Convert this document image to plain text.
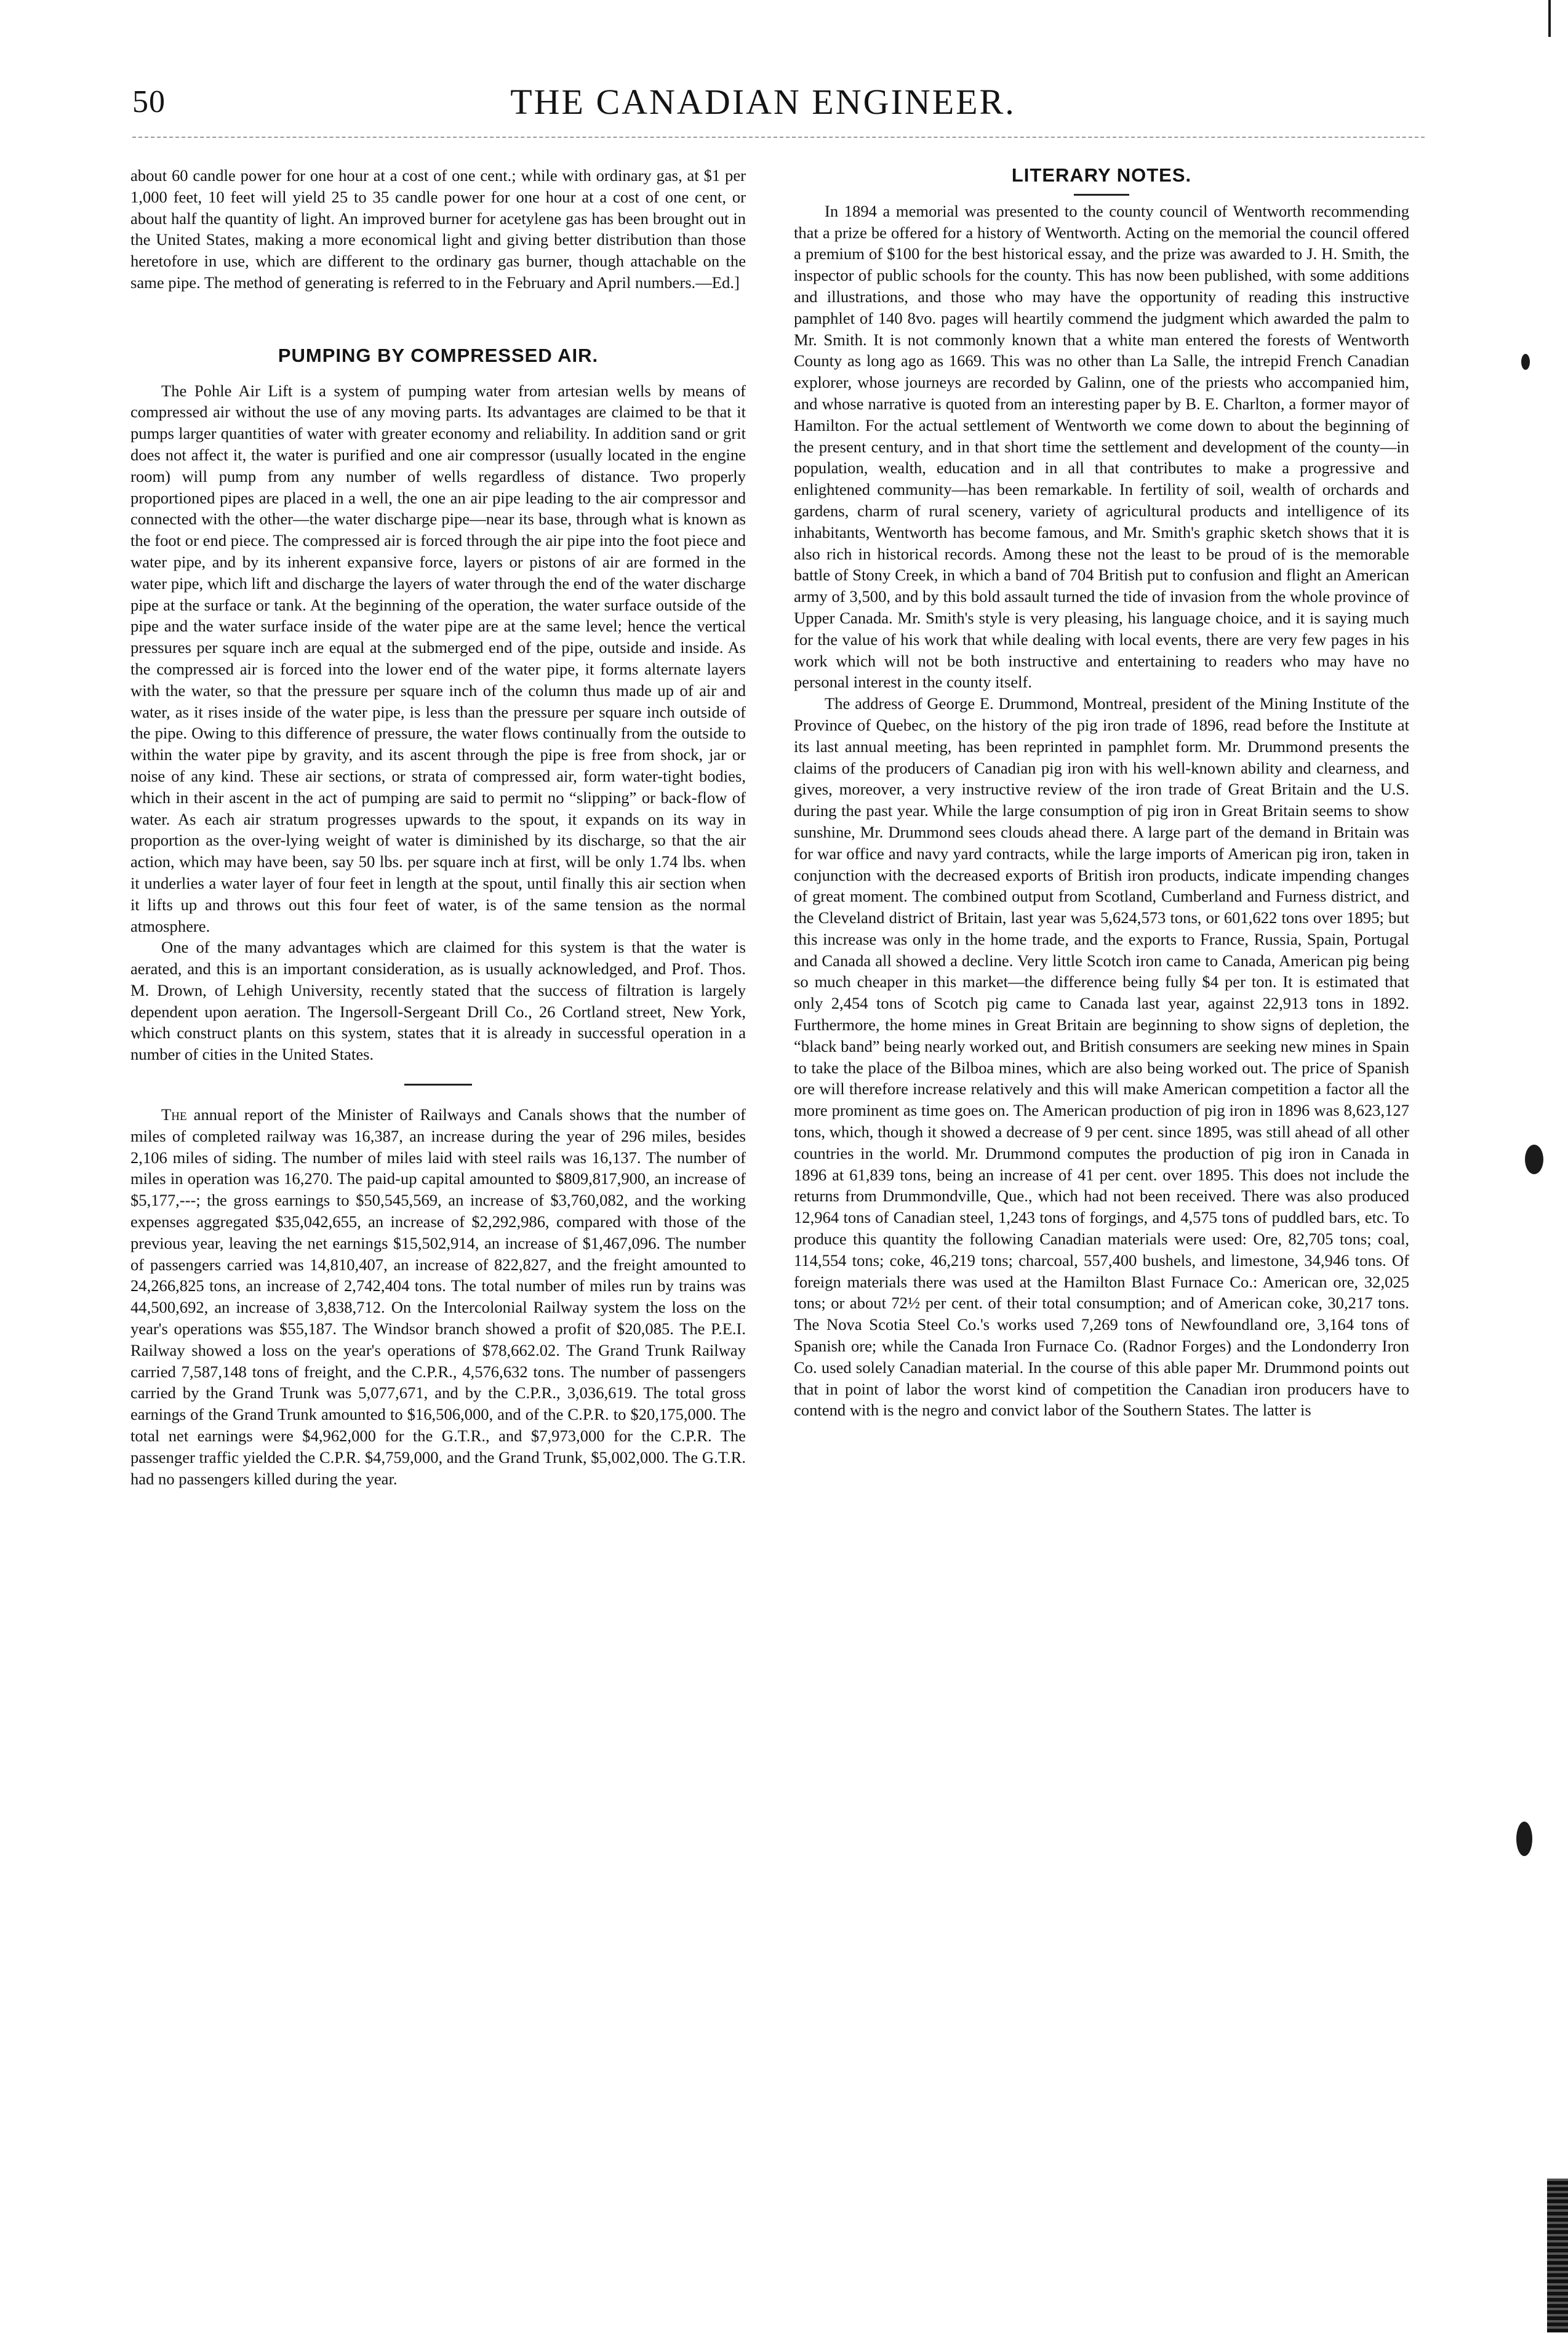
50	THE CANADIAN ENGINEER.

about 60 candle power for one hour at a cost of one cent.; while with ordinary gas, at $1 per 1,000 feet, 10 feet will yield 25 to 35 candle power for one hour at a cost of one cent, or about half the quantity of light. An improved burner for acetylene gas has been brought out in the United States, making a more economical light and giving better distribution than those heretofore in use, which are different to the ordinary gas burner, though attachable on the same pipe. The method of generating is referred to in the February and April numbers.—Ed.]

PUMPING BY COMPRESSED AIR.

The Pohle Air Lift is a system of pumping water from artesian wells by means of compressed air without the use of any moving parts. Its advantages are claimed to be that it pumps larger quantities of water with greater economy and reliability. In addition sand or grit does not affect it, the water is purified and one air compressor (usually located in the engine room) will pump from any number of wells regardless of distance. Two properly proportioned pipes are placed in a well, the one an air pipe leading to the air compressor and connected with the other—the water discharge pipe—near its base, through what is known as the foot or end piece. The compressed air is forced through the air pipe into the foot piece and water pipe, and by its inherent expansive force, layers or pistons of air are formed in the water pipe, which lift and discharge the layers of water through the end of the water discharge pipe at the surface or tank. At the beginning of the operation, the water surface outside of the pipe and the water surface inside of the water pipe are at the same level; hence the vertical pressures per square inch are equal at the submerged end of the pipe, outside and inside. As the compressed air is forced into the lower end of the water pipe, it forms alternate layers with the water, so that the pressure per square inch of the column thus made up of air and water, as it rises inside of the water pipe, is less than the pressure per square inch outside of the pipe. Owing to this difference of pressure, the water flows continually from the outside to within the water pipe by gravity, and its ascent through the pipe is free from shock, jar or noise of any kind. These air sections, or strata of compressed air, form water-tight bodies, which in their ascent in the act of pumping are said to permit no “slipping” or back-flow of water. As each air stratum progresses upwards to the spout, it expands on its way in proportion as the over-lying weight of water is diminished by its discharge, so that the air action, which may have been, say 50 lbs. per square inch at first, will be only 1.74 lbs. when it underlies a water layer of four feet in length at the spout, until finally this air section when it lifts up and throws out this four feet of water, is of the same tension as the normal atmosphere.

One of the many advantages which are claimed for this system is that the water is aerated, and this is an important consideration, as is usually acknowledged, and Prof. Thos. M. Drown, of Lehigh University, recently stated that the success of filtration is largely dependent upon aeration. The Ingersoll-Sergeant Drill Co., 26 Cortland street, New York, which construct plants on this system, states that it is already in successful operation in a number of cities in the United States.

The annual report of the Minister of Railways and Canals shows that the number of miles of completed railway was 16,387, an increase during the year of 296 miles, besides 2,106 miles of siding. The number of miles laid with steel rails was 16,137. The number of miles in operation was 16,270. The paid-up capital amounted to $809,817,900, an increase of $5,177,---; the gross earnings to $50,545,569, an increase of $3,760,082, and the working expenses aggregated $35,042,655, an increase of $2,292,986, compared with those of the previous year, leaving the net earnings $15,502,914, an increase of $1,467,096. The number of passengers carried was 14,810,407, an increase of 822,827, and the freight amounted to 24,266,825 tons, an increase of 2,742,404 tons. The total number of miles run by trains was 44,500,692, an increase of 3,838,712. On the Intercolonial Railway system the loss on the year's operations was $55,187. The Windsor branch showed a profit of $20,085. The P.E.I. Railway showed a loss on the year's operations of $78,662.02. The Grand Trunk Railway carried 7,587,148 tons of freight, and the C.P.R., 4,576,632 tons. The number of passengers carried by the Grand Trunk was 5,077,671, and by the C.P.R., 3,036,619. The total gross earnings of the Grand Trunk amounted to $16,506,000, and of the C.P.R. to $20,175,000. The total net earnings were $4,962,000 for the G.T.R., and $7,973,000 for the C.P.R. The passenger traffic yielded the C.P.R. $4,759,000, and the Grand Trunk, $5,002,000. The G.T.R. had no passengers killed during the year.

LITERARY NOTES.

In 1894 a memorial was presented to the county council of Wentworth recommending that a prize be offered for a history of Wentworth. Acting on the memorial the council offered a premium of $100 for the best historical essay, and the prize was awarded to J. H. Smith, the inspector of public schools for the county. This has now been published, with some additions and illustrations, and those who may have the opportunity of reading this instructive pamphlet of 140 8vo. pages will heartily commend the judgment which awarded the palm to Mr. Smith. It is not commonly known that a white man entered the forests of Wentworth County as long ago as 1669. This was no other than La Salle, the intrepid French Canadian explorer, whose journeys are recorded by Galinn, one of the priests who accompanied him, and whose narrative is quoted from an interesting paper by B. E. Charlton, a former mayor of Hamilton. For the actual settlement of Wentworth we come down to about the beginning of the present century, and in that short time the settlement and development of the county—in population, wealth, education and in all that contributes to make a progressive and enlightened community—has been remarkable. In fertility of soil, wealth of orchards and gardens, charm of rural scenery, variety of agricultural products and intelligence of its inhabitants, Wentworth has become famous, and Mr. Smith's graphic sketch shows that it is also rich in historical records. Among these not the least to be proud of is the memorable battle of Stony Creek, in which a band of 704 British put to confusion and flight an American army of 3,500, and by this bold assault turned the tide of invasion from the whole province of Upper Canada. Mr. Smith's style is very pleasing, his language choice, and it is saying much for the value of his work that while dealing with local events, there are very few pages in his work which will not be both instructive and entertaining to readers who may have no personal interest in the county itself.

The address of George E. Drummond, Montreal, president of the Mining Institute of the Province of Quebec, on the history of the pig iron trade of 1896, read before the Institute at its last annual meeting, has been reprinted in pamphlet form. Mr. Drummond presents the claims of the producers of Canadian pig iron with his well-known ability and clearness, and gives, moreover, a very instructive review of the iron trade of Great Britain and the U.S. during the past year. While the large consumption of pig iron in Great Britain seems to show sunshine, Mr. Drummond sees clouds ahead there. A large part of the demand in Britain was for war office and navy yard contracts, while the large imports of American pig iron, taken in conjunction with the decreased exports of British iron products, indicate impending changes of great moment. The combined output from Scotland, Cumberland and Furness district, and the Cleveland district of Britain, last year was 5,624,573 tons, or 601,622 tons over 1895; but this increase was only in the home trade, and the exports to France, Russia, Spain, Portugal and Canada all showed a decline. Very little Scotch iron came to Canada, American pig being so much cheaper in this market—the difference being fully $4 per ton. It is estimated that only 2,454 tons of Scotch pig came to Canada last year, against 22,913 tons in 1892. Furthermore, the home mines in Great Britain are beginning to show signs of depletion, the “black band” being nearly worked out, and British consumers are seeking new mines in Spain to take the place of the Bilboa mines, which are also being worked out. The price of Spanish ore will therefore increase relatively and this will make American competition a factor all the more prominent as time goes on. The American production of pig iron in 1896 was 8,623,127 tons, which, though it showed a decrease of 9 per cent. since 1895, was still ahead of all other countries in the world. Mr. Drummond computes the production of pig iron in Canada in 1896 at 61,839 tons, being an increase of 41 per cent. over 1895. This does not include the returns from Drummondville, Que., which had not been received. There was also produced 12,964 tons of Canadian steel, 1,243 tons of forgings, and 4,575 tons of puddled bars, etc. To produce this quantity the following Canadian materials were used: Ore, 82,705 tons; coal, 114,554 tons; coke, 46,219 tons; charcoal, 557,400 bushels, and limestone, 34,946 tons. Of foreign materials there was used at the Hamilton Blast Furnace Co.: American ore, 32,025 tons; or about 72½ per cent. of their total consumption; and of American coke, 30,217 tons. The Nova Scotia Steel Co.'s works used 7,269 tons of Newfoundland ore, 3,164 tons of Spanish ore; while the Canada Iron Furnace Co. (Radnor Forges) and the Londonderry Iron Co. used solely Canadian material. In the course of this able paper Mr. Drummond points out that in point of labor the worst kind of competition the Canadian iron producers have to contend with is the negro and convict labor of the Southern States. The latter is
